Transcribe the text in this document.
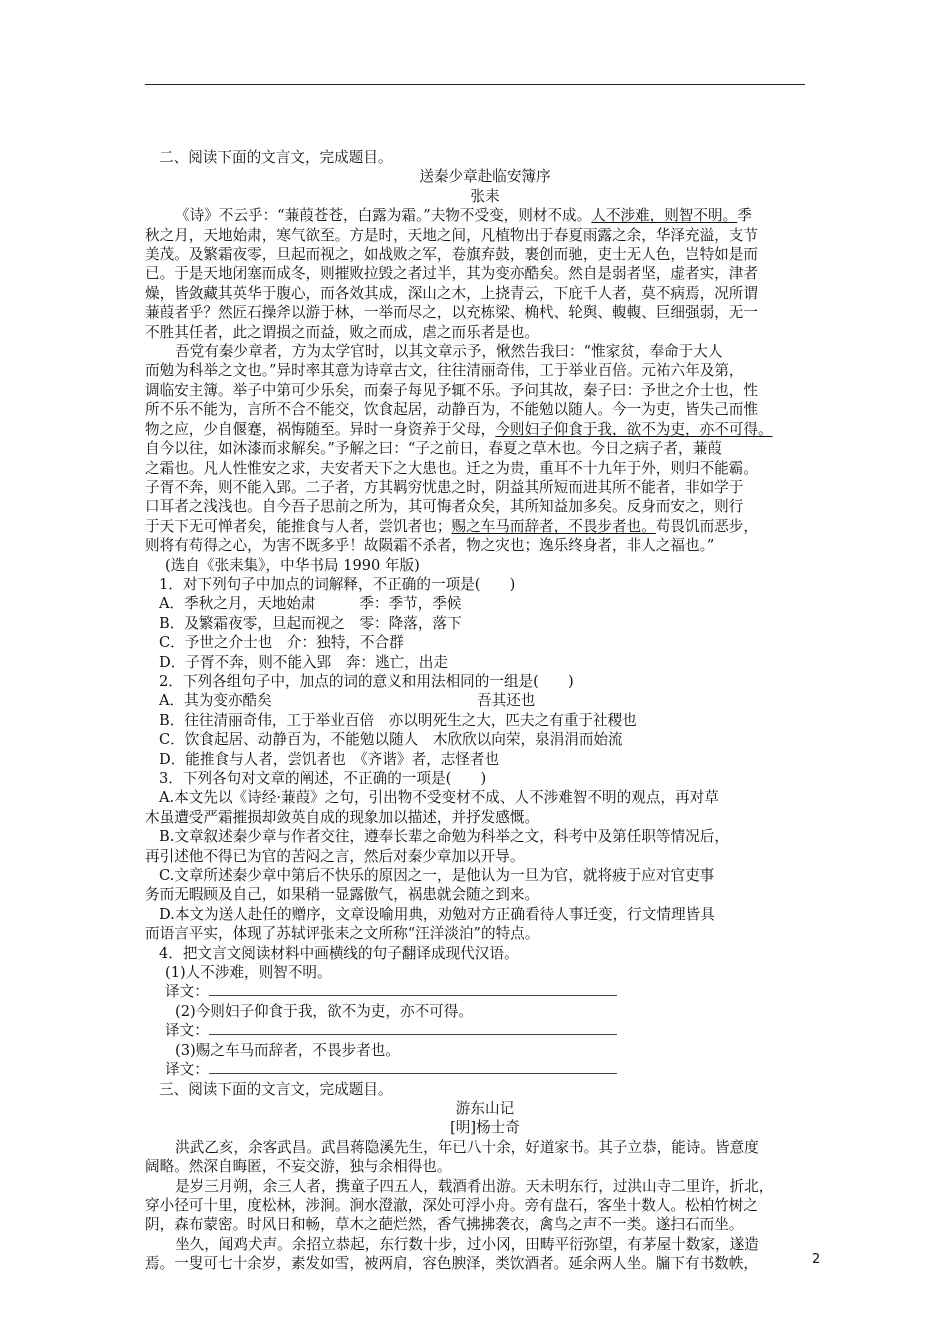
二、阅读下面的文言文，完成题目。

送秦少章赴临安簿序

张耒

《诗》不云乎：“蒹葭苍苍，白露为霜。”夫物不受变，则材不成。人不涉难，则智不明。季

秋之月，天地始肃，寒气欲至。方是时，天地之间，凡植物出于春夏雨露之余，华泽充溢，支节

美茂。及繁霜夜零，旦起而视之，如战败之军，卷旗弃鼓，裹创而驰，吏士无人色，岂特如是而

已。于是天地闭塞而成冬，则摧败拉毁之者过半，其为变亦酷矣。然自是弱者坚，虚者实，津者

燥，皆敛藏其英华于腹心，而各效其成，深山之木，上挠青云，下庇千人者，莫不病焉，况所谓

蒹葭者乎？然匠石操斧以游于林，一举而尽之，以充栋梁、桷杙、轮舆、輹輹、巨细强弱，无一

不胜其任者，此之谓损之而益，败之而成，虐之而乐者是也。

吾党有秦少章者，方为太学官时，以其文章示予，愀然告我曰：“惟家贫，奉命于大人

而勉为科举之文也。”异时率其意为诗章古文，往往清丽奇伟，工于举业百倍。元祐六年及第，

调临安主簿。举子中第可少乐矣，而秦子每见予辄不乐。予问其故，秦子曰：予世之介士也，性

所不乐不能为，言所不合不能交，饮食起居，动静百为，不能勉以随人。今一为吏，皆失己而惟

物之应，少自偃蹇，祸悔随至。异时一身资养于父母，今则妇子仰食于我，欲不为吏，亦不可得。

自今以往，如沐漆而求解矣。”予解之曰：“子之前日，春夏之草木也。今日之病子者，蒹葭

之霜也。凡人性惟安之求，夫安者天下之大患也。迁之为贵，重耳不十九年于外，则归不能霸。

子胥不奔，则不能入郢。二子者，方其羁穷忧患之时，阴益其所短而进其所不能者，非如学于

口耳者之浅浅也。自今吾子思前之所为，其可悔者众矣，其所知益加多矣。反身而安之，则行

于天下无可惮者矣，能推食与人者，尝饥者也；赐之车马而辞者，不畏步者也。苟畏饥而恶步，

则将有苟得之心，为害不既多乎！故陨霜不杀者，物之灾也；逸乐终身者，非人之福也。”

(选自《张耒集》，中华书局 1990 年版)

1．对下列句子中加点的词解释，不正确的一项是(　　)

A．季秋之月，天地始肃　　　季：季节，季候

B．及繁霜夜零，旦起而视之　零：降落，落下

C．予世之介士也　介：独特，不合群

D．子胥不奔，则不能入郢　奔：逃亡，出走

2．下列各组句子中，加点的词的意义和用法相同的一组是(　　)

A．其为变亦酷矣	吾其还也

B．往往清丽奇伟，工于举业百倍　 亦以明死生之大，匹夫之有重于社稷也

C．饮食起居、动静百为，不能勉以随人　 木欣欣以向荣，泉涓涓而始流

D．能推食与人者，尝饥者也　 《齐谐》者，志怪者也

3．下列各句对文章的阐述，不正确的一项是(　　)

A.本文先以《诗经·蒹葭》之句，引出物不受变材不成、人不涉难智不明的观点，再对草

木虽遭受严霜摧损却敛英自成的现象加以描述，并抒发感慨。

B.文章叙述秦少章与作者交往，遵奉长辈之命勉为科举之文，科考中及第任职等情况后，

再引述他不得已为官的苦闷之言，然后对秦少章加以开导。

C.文章所述秦少章中第后不快乐的原因之一，是他认为一旦为官，就将疲于应对官吏事

务而无暇顾及自己，如果稍一显露傲气，祸患就会随之到来。

D.本文为送人赴任的赠序，文章设喻用典，劝勉对方正确看待人事迁变，行文情理皆具

而语言平实，体现了苏轼评张耒之文所称“汪洋淡泊”的特点。

4．把文言文阅读材料中画横线的句子翻译成现代汉语。

(1)人不涉难，则智不明。

译文：

(2)今则妇子仰食于我，欲不为吏，亦不可得。

译文：

(3)赐之车马而辞者，不畏步者也。

译文：

三、阅读下面的文言文，完成题目。

游东山记

[明]杨士奇

洪武乙亥，余客武昌。武昌蒋隐溪先生，年已八十余，好道家书。其子立恭，能诗。皆意度

阔略。然深自晦匿，不妄交游，独与余相得也。

是岁三月朔，余三人者，携童子四五人，载酒肴出游。天未明东行，过洪山寺二里许，折北，

穿小径可十里，度松林，涉涧。涧水澄澈，深处可浮小舟。旁有盘石，客坐十数人。松柏竹树之

阴，森布蒙密。时风日和畅，草木之葩烂然，香气拂拂袭衣，禽鸟之声不一类。遂扫石而坐。

坐久，闻鸡犬声。余招立恭起，东行数十步，过小冈，田畴平衍弥望，有茅屋十数家，遂造

焉。一叟可七十余岁，素发如雪，被两肩，容色腴泽，类饮酒者。延余两人坐。牖下有书数帙，	2
